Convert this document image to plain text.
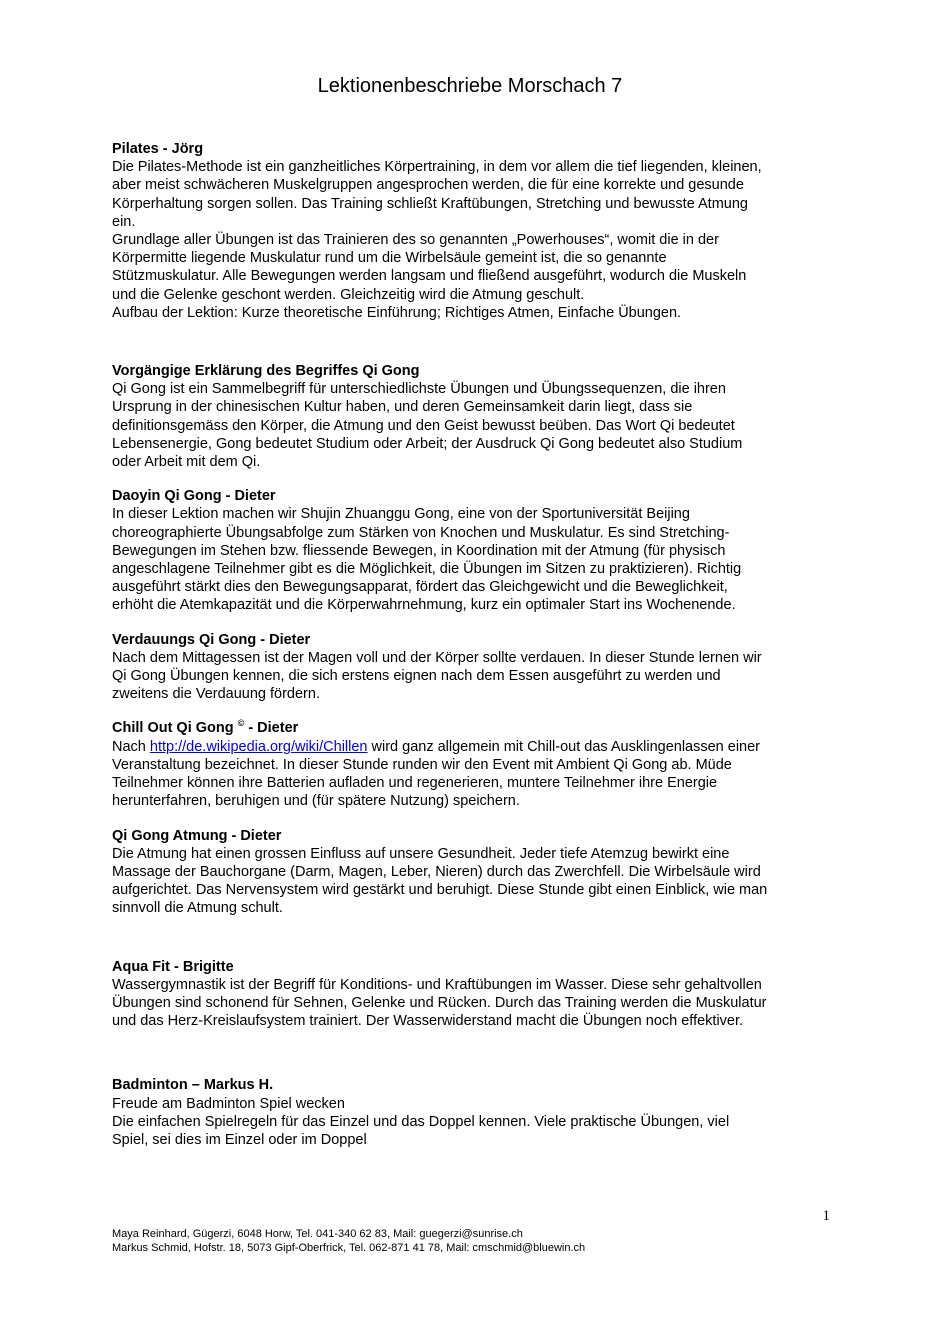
Lektionenbeschriebe Morschach 7
Pilates - Jörg

Die Pilates-Methode ist ein ganzheitliches Körpertraining, in dem vor allem die tief liegenden, kleinen,

aber meist schwächeren Muskelgruppen angesprochen werden, die für eine korrekte und gesunde

Körperhaltung sorgen sollen. Das Training schließt Kraftübungen, Stretching und bewusste Atmung

ein.

Grundlage aller Übungen ist das Trainieren des so genannten „Powerhouses“, womit die in der

Körpermitte liegende Muskulatur rund um die Wirbelsäule gemeint ist, die so genannte

Stützmuskulatur. Alle Bewegungen werden langsam und fließend ausgeführt, wodurch die Muskeln

und die Gelenke geschont werden. Gleichzeitig wird die Atmung geschult.

Aufbau der Lektion: Kurze theoretische Einführung; Richtiges Atmen, Einfache Übungen.

Vorgängige Erklärung des Begriffes Qi Gong

Qi Gong ist ein Sammelbegriff für unterschiedlichste Übungen und Übungssequenzen, die ihren

Ursprung in der chinesischen Kultur haben, und deren Gemeinsamkeit darin liegt, dass sie

definitionsgemäss den Körper, die Atmung und den Geist bewusst beüben. Das Wort Qi bedeutet

Lebensenergie, Gong bedeutet Studium oder Arbeit; der Ausdruck Qi Gong bedeutet also Studium

oder Arbeit mit dem Qi.

Daoyin Qi Gong - Dieter

In dieser Lektion machen wir Shujin Zhuanggu Gong, eine von der Sportuniversität Beijing

choreographierte Übungsabfolge zum Stärken von Knochen und Muskulatur. Es sind Stretching-

Bewegungen im Stehen bzw. fliessende Bewegen, in Koordination mit der Atmung (für physisch

angeschlagene Teilnehmer gibt es die Möglichkeit, die Übungen im Sitzen zu praktizieren). Richtig

ausgeführt stärkt dies den Bewegungsapparat, fördert das Gleichgewicht und die Beweglichkeit,

erhöht die Atemkapazität und die Körperwahrnehmung, kurz ein optimaler Start ins Wochenende.

Verdauungs Qi Gong - Dieter

Nach dem Mittagessen ist der Magen voll und der Körper sollte verdauen. In dieser Stunde lernen wir

Qi Gong Übungen kennen, die sich erstens eignen nach dem Essen ausgeführt zu werden und

zweitens die Verdauung fördern.

Chill Out Qi Gong © - Dieter

Nach http://de.wikipedia.org/wiki/Chillen wird ganz allgemein mit Chill-out das Ausklingenlassen einer

Veranstaltung bezeichnet. In dieser Stunde runden wir den Event mit Ambient Qi Gong ab. Müde

Teilnehmer können ihre Batterien aufladen und regenerieren, muntere Teilnehmer ihre Energie

herunterfahren, beruhigen und (für spätere Nutzung) speichern.

Qi Gong Atmung - Dieter

Die Atmung hat einen grossen Einfluss auf unsere Gesundheit. Jeder tiefe Atemzug bewirkt eine

Massage der Bauchorgane (Darm, Magen, Leber, Nieren) durch das Zwerchfell. Die Wirbelsäule wird

aufgerichtet. Das Nervensystem wird gestärkt und beruhigt. Diese Stunde gibt einen Einblick, wie man

sinnvoll die Atmung schult.

Aqua Fit - Brigitte

Wassergymnastik ist der Begriff für Konditions- und Kraftübungen im Wasser. Diese sehr gehaltvollen

Übungen sind schonend für Sehnen, Gelenke und Rücken. Durch das Training werden die Muskulatur

und das Herz-Kreislaufsystem trainiert. Der Wasserwiderstand macht die Übungen noch effektiver.

Badminton – Markus H.

Freude am Badminton Spiel wecken

Die einfachen Spielregeln für das Einzel und das Doppel kennen. Viele praktische Übungen, viel

Spiel, sei dies im Einzel oder im Doppel

1
Maya Reinhard, Gügerzi, 6048 Horw, Tel. 041-340 62 83, Mail: guegerzi@sunrise.ch
Markus Schmid, Hofstr. 18, 5073 Gipf-Oberfrick, Tel. 062-871 41 78, Mail: cmschmid@bluewin.ch
